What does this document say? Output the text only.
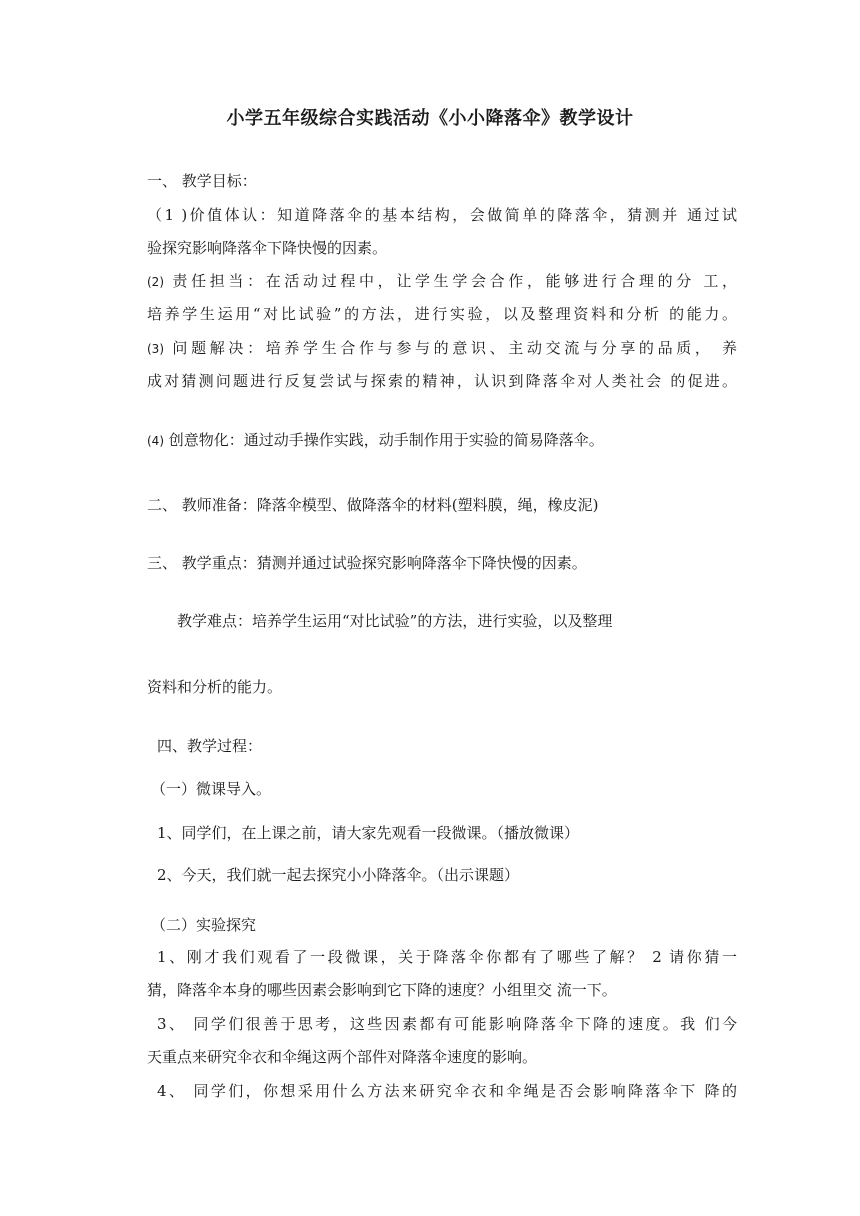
小学五年级综合实践活动《小小降落伞》教学设计
一、 教学目标：
（1 )价值体认：知道降落伞的基本结构，会做简单的降落伞，猜测并 通过试
验探究影响降落伞下降快慢的因素。
(2) 责任担当：在活动过程中，让学生学会合作，能够进行合理的分 工，
培养学生运用“对比试验”的方法，进行实验，以及整理资料和分析 的能力。
(3) 问题解决：培养学生合作与参与的意识、主动交流与分享的品质， 养
成对猜测问题进行反复尝试与探索的精神，认识到降落伞对人类社会 的促进。
(4) 创意物化：通过动手操作实践，动手制作用于实验的简易降落伞。
二、 教师准备：降落伞模型、做降落伞的材料(塑料膜，绳，橡皮泥)
三、 教学重点：猜测并通过试验探究影响降落伞下降快慢的因素。
教学难点：培养学生运用“对比试验”的方法，进行实验，以及整理
资料和分析的能力。
四、教学过程：
（一）微课导入。
1、同学们，在上课之前，请大家先观看一段微课。（播放微课）
2、今天，我们就一起去探究小小降落伞。（出示课题）
（二）实验探究
1、刚才我们观看了一段微课，关于降落伞你都有了哪些了解？ 2 请你猜一
猜，降落伞本身的哪些因素会影响到它下降的速度？小组里交 流一下。
3、 同学们很善于思考，这些因素都有可能影响降落伞下降的速度。我 们今
天重点来研究伞衣和伞绳这两个部件对降落伞速度的影响。
4、 同学们，你想采用什么方法来研究伞衣和伞绳是否会影响降落伞下 降的
